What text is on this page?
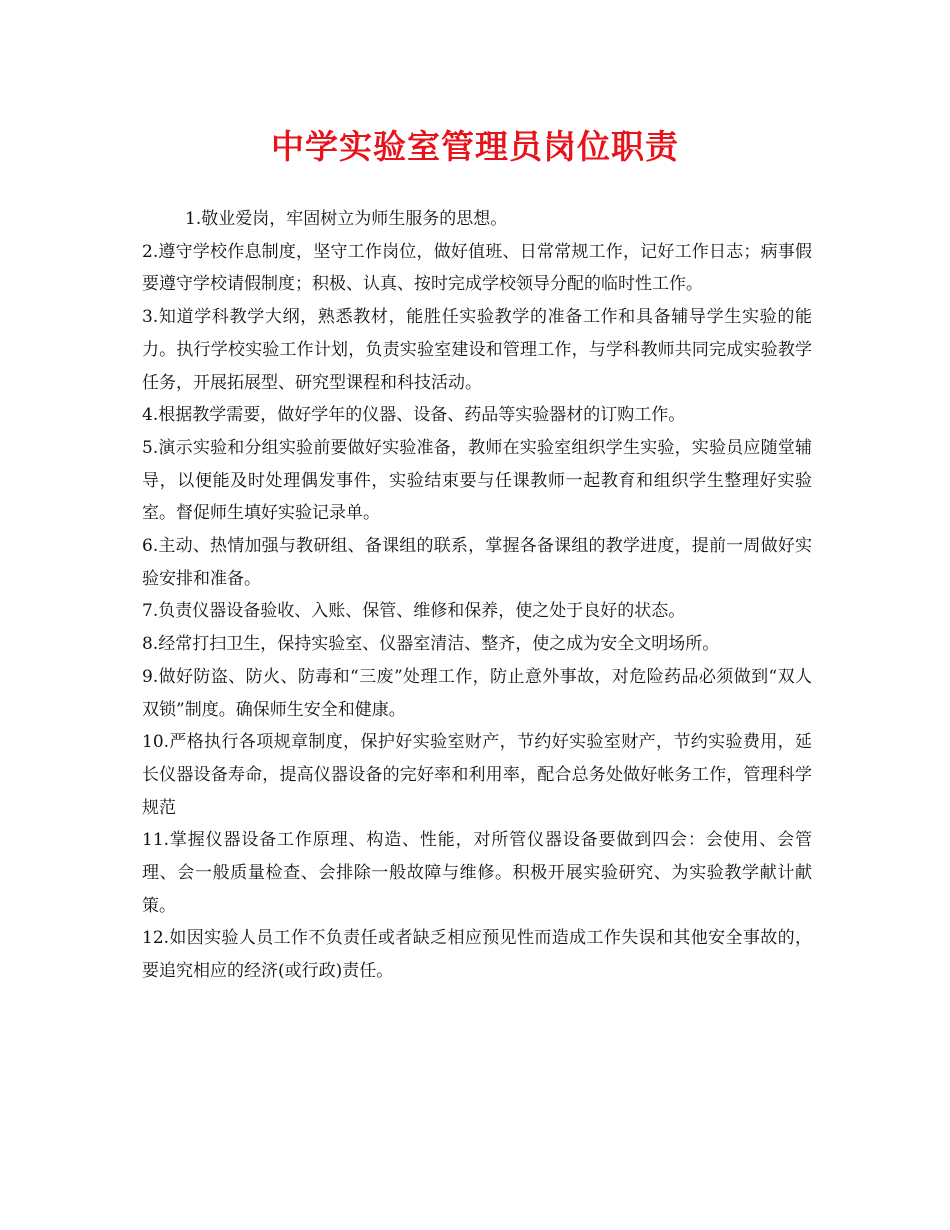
中学实验室管理员岗位职责

1.敬业爱岗，牢固树立为师生服务的思想。

2.遵守学校作息制度，坚守工作岗位，做好值班、日常常规工作，记好工作日志；病事假要遵守学校请假制度；积极、认真、按时完成学校领导分配的临时性工作。

3.知道学科教学大纲，熟悉教材，能胜任实验教学的准备工作和具备辅导学生实验的能力。执行学校实验工作计划，负责实验室建设和管理工作，与学科教师共同完成实验教学任务，开展拓展型、研究型课程和科技活动。

4.根据教学需要，做好学年的仪器、设备、药品等实验器材的订购工作。

5.演示实验和分组实验前要做好实验准备，教师在实验室组织学生实验，实验员应随堂辅导，以便能及时处理偶发事件，实验结束要与任课教师一起教育和组织学生整理好实验室。督促师生填好实验记录单。

6.主动、热情加强与教研组、备课组的联系，掌握各备课组的教学进度，提前一周做好实验安排和准备。

7.负责仪器设备验收、入账、保管、维修和保养，使之处于良好的状态。

8.经常打扫卫生，保持实验室、仪器室清洁、整齐，使之成为安全文明场所。

9.做好防盗、防火、防毒和“三废”处理工作，防止意外事故，对危险药品必须做到“双人双锁”制度。确保师生安全和健康。

10.严格执行各项规章制度，保护好实验室财产，节约好实验室财产，节约实验费用，延长仪器设备寿命，提高仪器设备的完好率和利用率，配合总务处做好帐务工作，管理科学规范

11.掌握仪器设备工作原理、构造、性能，对所管仪器设备要做到四会：会使用、会管理、会一般质量检查、会排除一般故障与维修。积极开展实验研究、为实验教学献计献策。

12.如因实验人员工作不负责任或者缺乏相应预见性而造成工作失误和其他安全事故的，要追究相应的经济(或行政)责任。
